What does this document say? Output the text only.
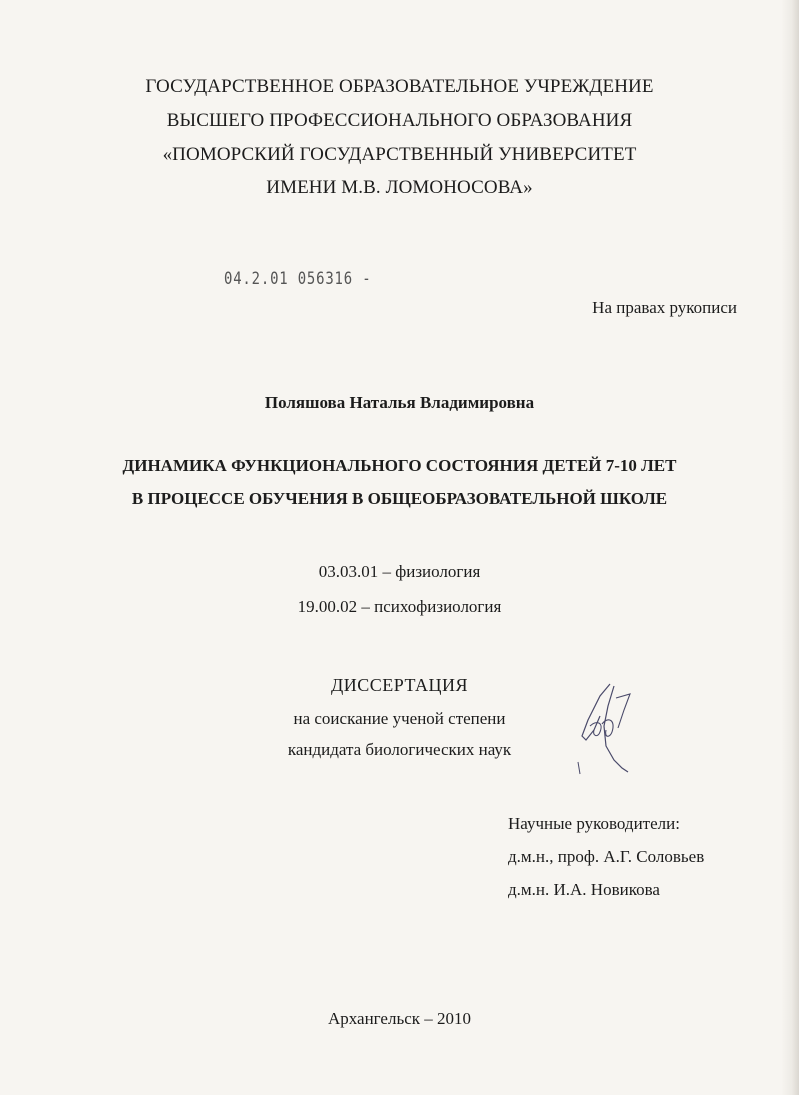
ГОСУДАРСТВЕННОЕ ОБРАЗОВАТЕЛЬНОЕ УЧРЕЖДЕНИЕ
ВЫСШЕГО ПРОФЕССИОНАЛЬНОГО ОБРАЗОВАНИЯ
«ПОМОРСКИЙ ГОСУДАРСТВЕННЫЙ УНИВЕРСИТЕТ
ИМЕНИ М.В. ЛОМОНОСОВА»
04.2.01 056316 -
На правах рукописи
Поляшова Наталья Владимировна
ДИНАМИКА ФУНКЦИОНАЛЬНОГО СОСТОЯНИЯ ДЕТЕЙ 7-10 ЛЕТ
В ПРОЦЕССЕ ОБУЧЕНИЯ В ОБЩЕОБРАЗОВАТЕЛЬНОЙ ШКОЛЕ
03.03.01 – физиология
19.00.02 – психофизиология
ДИССЕРТАЦИЯ
на соискание ученой степени
кандидата биологических наук
Научные руководители:
д.м.н., проф. А.Г. Соловьев
д.м.н. И.А. Новикова
Архангельск – 2010
